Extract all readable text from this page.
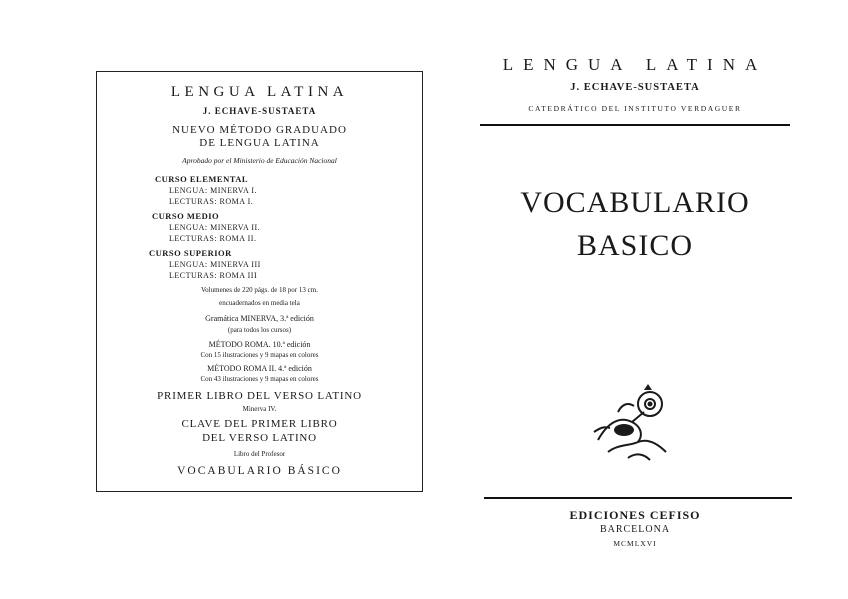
LENGUA LATINA
J. ECHAVE-SUSTAETA
NUEVO MÉTODO GRADUADO
DE LENGUA LATINA
Aprobado por el Ministerio de Educación Nacional
CURSO ELEMENTAL
LENGUA: MINERVA I.
LECTURAS: ROMA I.
CURSO MEDIO
LENGUA: MINERVA II.
LECTURAS: ROMA II.
CURSO SUPERIOR
LENGUA: MINERVA III
LECTURAS: ROMA III
Volumenes de 220 págs. de 18 por 13 cm.
encuadernados en media tela
Gramática MINERVA, 3.ª edición
(para todos los cursos)
MÉTODO ROMA. 10.ª edición
Con 15 ilustraciones y 9 mapas en colores
MÉTODO ROMA II. 4.ª edición
Con 43 ilustraciones y 9 mapas en colores
PRIMER LIBRO DEL VERSO LATINO
Minerva IV.
CLAVE DEL PRIMER LIBRO
DEL VERSO LATINO
Libro del Profesor
VOCABULARIO BÁSICO
LENGUA LATINA
J. ECHAVE-SUSTAETA
CATEDRÁTICO DEL INSTITUTO VERDAGUER
VOCABULARIO
BASICO
EDICIONES CEFISO
BARCELONA
MCMLXVI
